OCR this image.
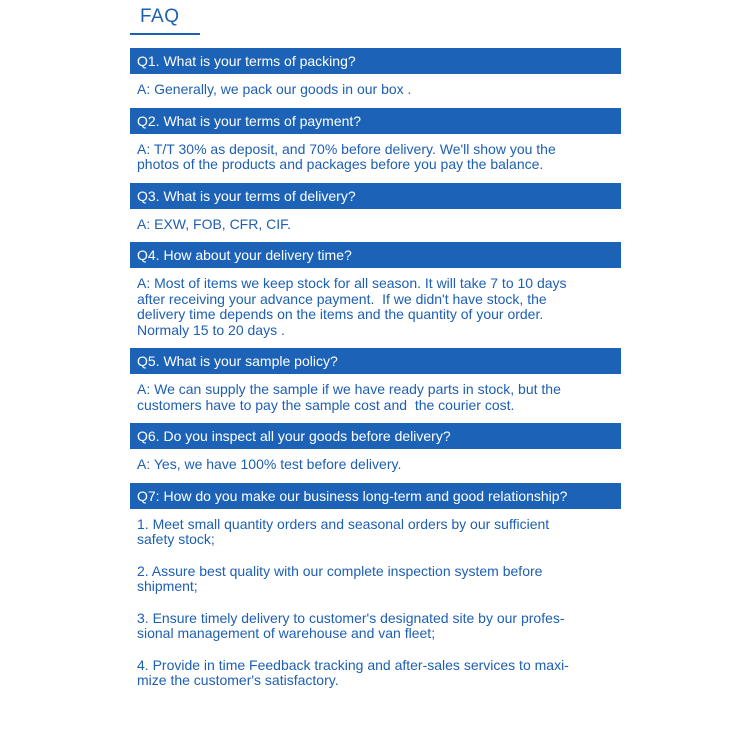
FAQ
Q1. What is your terms of packing?
A: Generally, we pack our goods in our box .
Q2. What is your terms of payment?
A: T/T 30% as deposit, and 70% before delivery. We'll show you the
photos of the products and packages before you pay the balance.
Q3. What is your terms of delivery?
A: EXW, FOB, CFR, CIF.
Q4. How about your delivery time?
A: Most of items we keep stock for all season. It will take 7 to 10 days
after receiving your advance payment.  If we didn't have stock, the
delivery time depends on the items and the quantity of your order.
Normaly 15 to 20 days .
Q5. What is your sample policy?
A: We can supply the sample if we have ready parts in stock, but the
customers have to pay the sample cost and  the courier cost.
Q6. Do you inspect all your goods before delivery?
A: Yes, we have 100% test before delivery.
Q7: How do you make our business long-term and good relationship?
1. Meet small quantity orders and seasonal orders by our sufficient
safety stock;
2. Assure best quality with our complete inspection system before
shipment;
3. Ensure timely delivery to customer's designated site by our profes-
sional management of warehouse and van fleet;
4. Provide in time Feedback tracking and after-sales services to maxi-
mize the customer's satisfactory.
